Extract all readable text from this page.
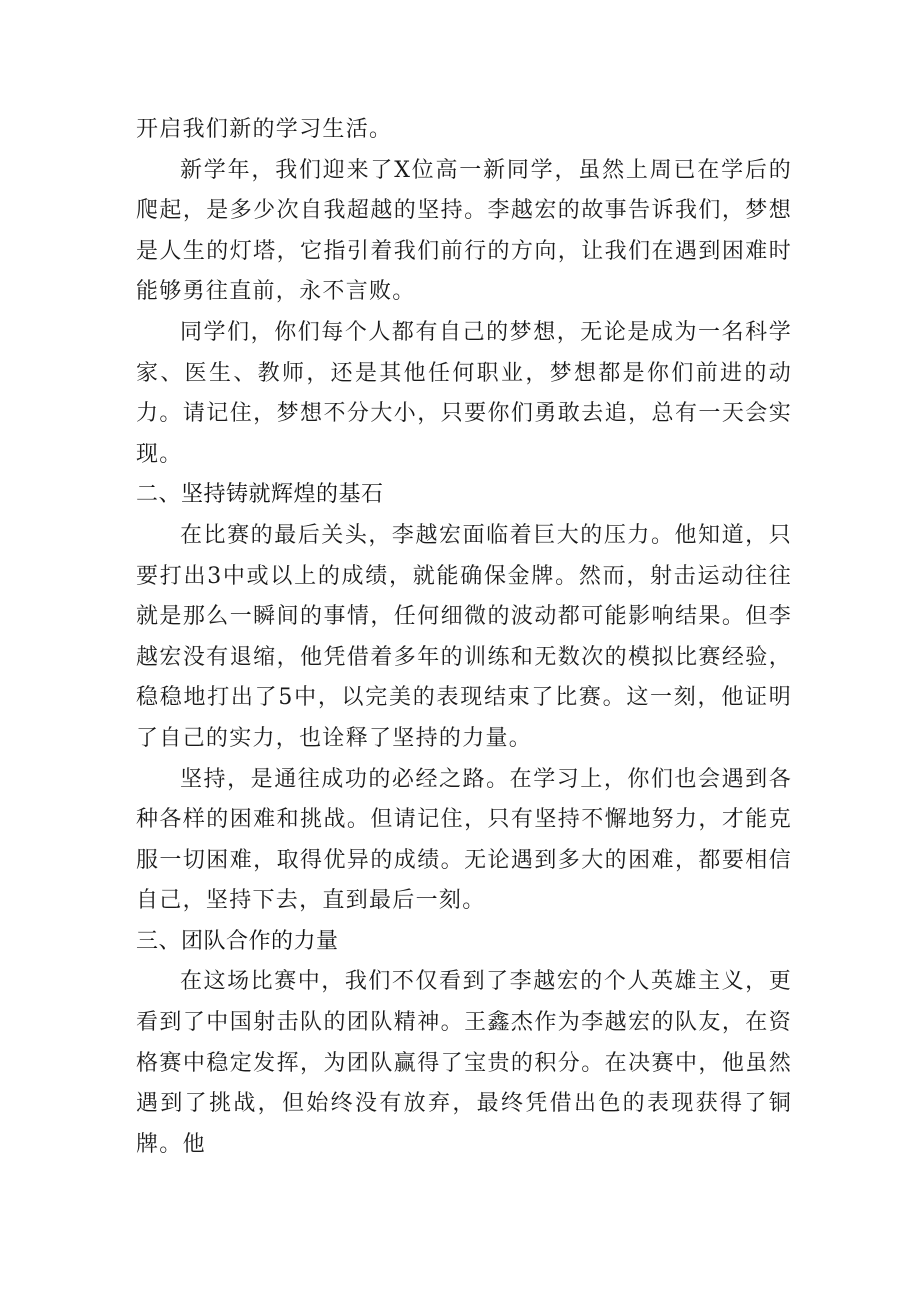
开启我们新的学习生活。

新学年，我们迎来了X位高一新同学，虽然上周已在学后的爬起，是多少次自我超越的坚持。李越宏的故事告诉我们，梦想是人生的灯塔，它指引着我们前行的方向，让我们在遇到困难时能够勇往直前，永不言败。

同学们，你们每个人都有自己的梦想，无论是成为一名科学家、医生、教师，还是其他任何职业，梦想都是你们前进的动力。请记住，梦想不分大小，只要你们勇敢去追，总有一天会实现。

二、坚持铸就辉煌的基石

在比赛的最后关头，李越宏面临着巨大的压力。他知道，只要打出3中或以上的成绩，就能确保金牌。然而，射击运动往往就是那么一瞬间的事情，任何细微的波动都可能影响结果。但李越宏没有退缩，他凭借着多年的训练和无数次的模拟比赛经验，稳稳地打出了5中，以完美的表现结束了比赛。这一刻，他证明了自己的实力，也诠释了坚持的力量。

坚持，是通往成功的必经之路。在学习上，你们也会遇到各种各样的困难和挑战。但请记住，只有坚持不懈地努力，才能克服一切困难，取得优异的成绩。无论遇到多大的困难，都要相信自己，坚持下去，直到最后一刻。

三、团队合作的力量

在这场比赛中，我们不仅看到了李越宏的个人英雄主义，更看到了中国射击队的团队精神。王鑫杰作为李越宏的队友，在资格赛中稳定发挥，为团队赢得了宝贵的积分。在决赛中，他虽然遇到了挑战，但始终没有放弃，最终凭借出色的表现获得了铜牌。他
